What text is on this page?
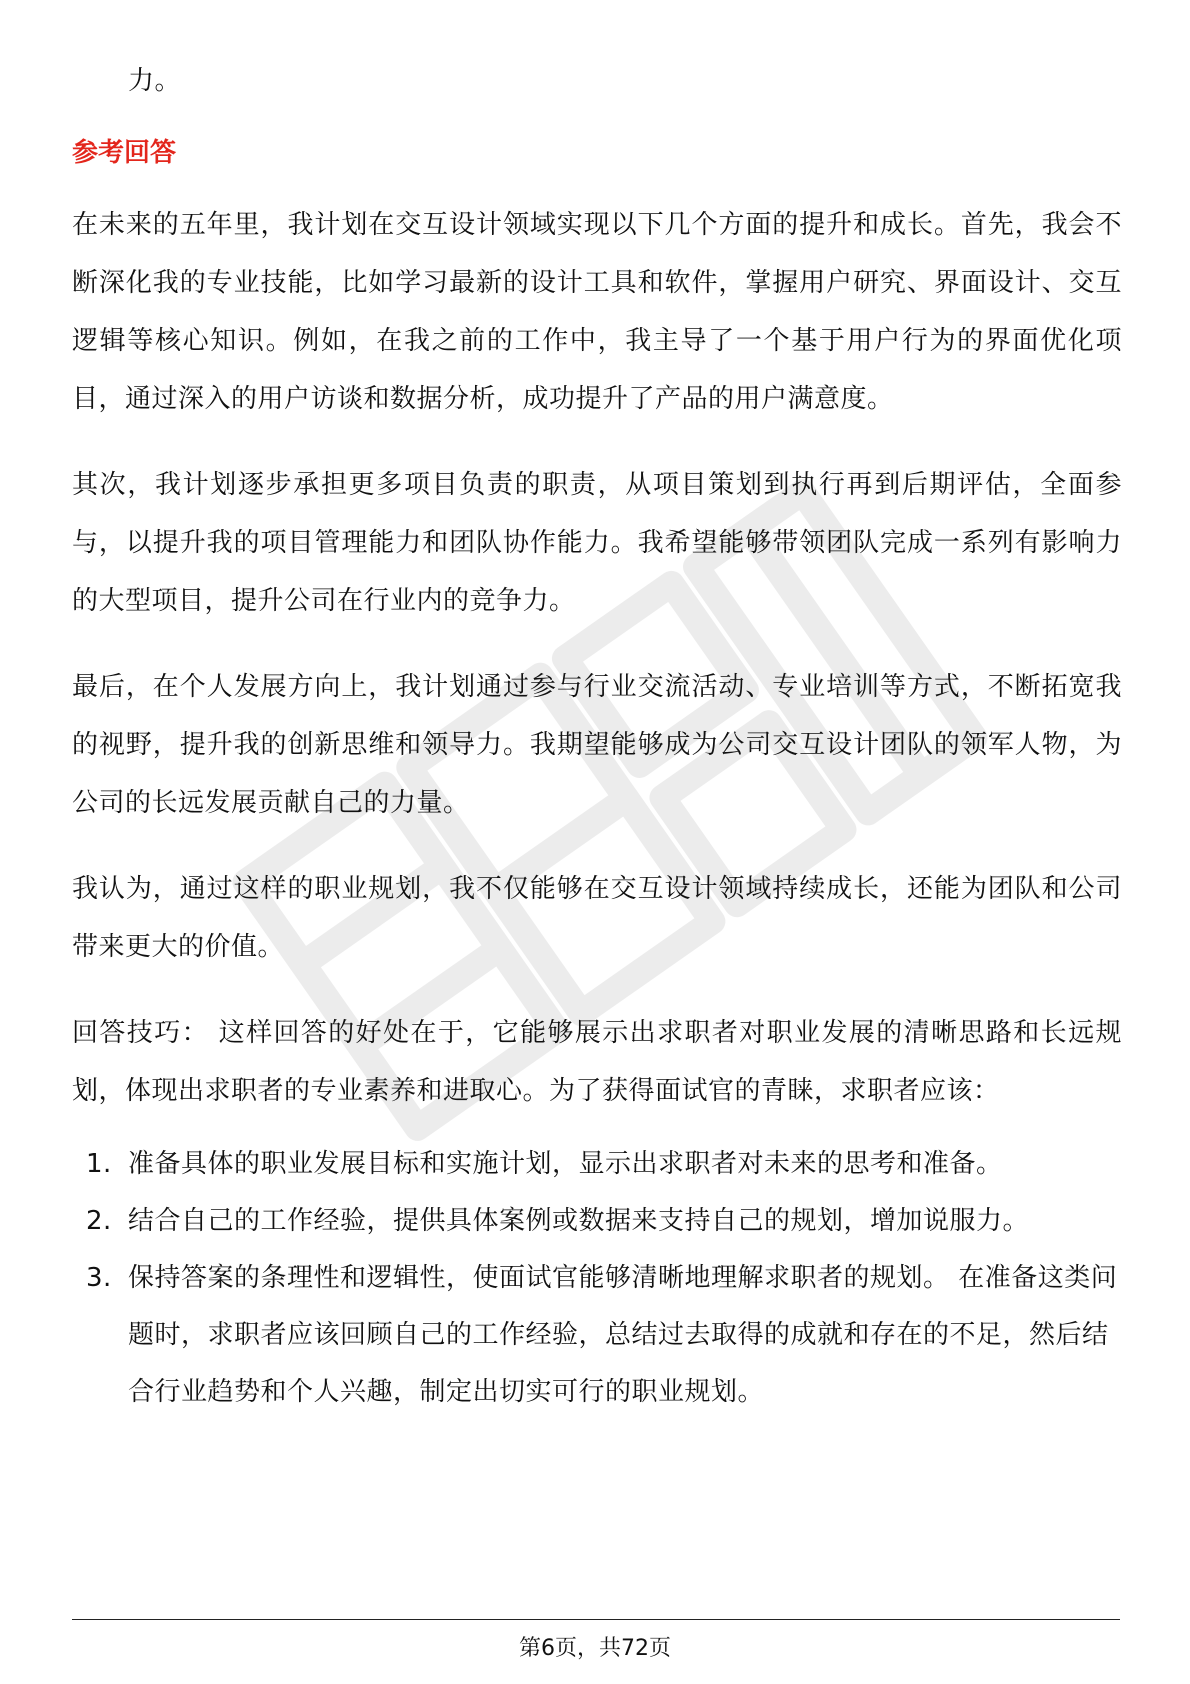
力。

参考回答

在未来的五年里，我计划在交互设计领域实现以下几个方面的提升和成长。首先，我会不断深化我的专业技能，比如学习最新的设计工具和软件，掌握用户研究、界面设计、交互逻辑等核心知识。例如，在我之前的工作中，我主导了一个基于用户行为的界面优化项目，通过深入的用户访谈和数据分析，成功提升了产品的用户满意度。

其次，我计划逐步承担更多项目负责的职责，从项目策划到执行再到后期评估，全面参与，以提升我的项目管理能力和团队协作能力。我希望能够带领团队完成一系列有影响力的大型项目，提升公司在行业内的竞争力。

最后，在个人发展方向上，我计划通过参与行业交流活动、专业培训等方式，不断拓宽我的视野，提升我的创新思维和领导力。我期望能够成为公司交互设计团队的领军人物，为公司的长远发展贡献自己的力量。

我认为，通过这样的职业规划，我不仅能够在交互设计领域持续成长，还能为团队和公司带来更大的价值。

回答技巧： 这样回答的好处在于，它能够展示出求职者对职业发展的清晰思路和长远规划，体现出求职者的专业素养和进取心。为了获得面试官的青睐，求职者应该：

1. 准备具体的职业发展目标和实施计划，显示出求职者对未来的思考和准备。
2. 结合自己的工作经验，提供具体案例或数据来支持自己的规划，增加说服力。
3. 保持答案的条理性和逻辑性，使面试官能够清晰地理解求职者的规划。 在准备这类问题时，求职者应该回顾自己的工作经验，总结过去取得的成就和存在的不足，然后结合行业趋势和个人兴趣，制定出切实可行的职业规划。
第6页，共72页
